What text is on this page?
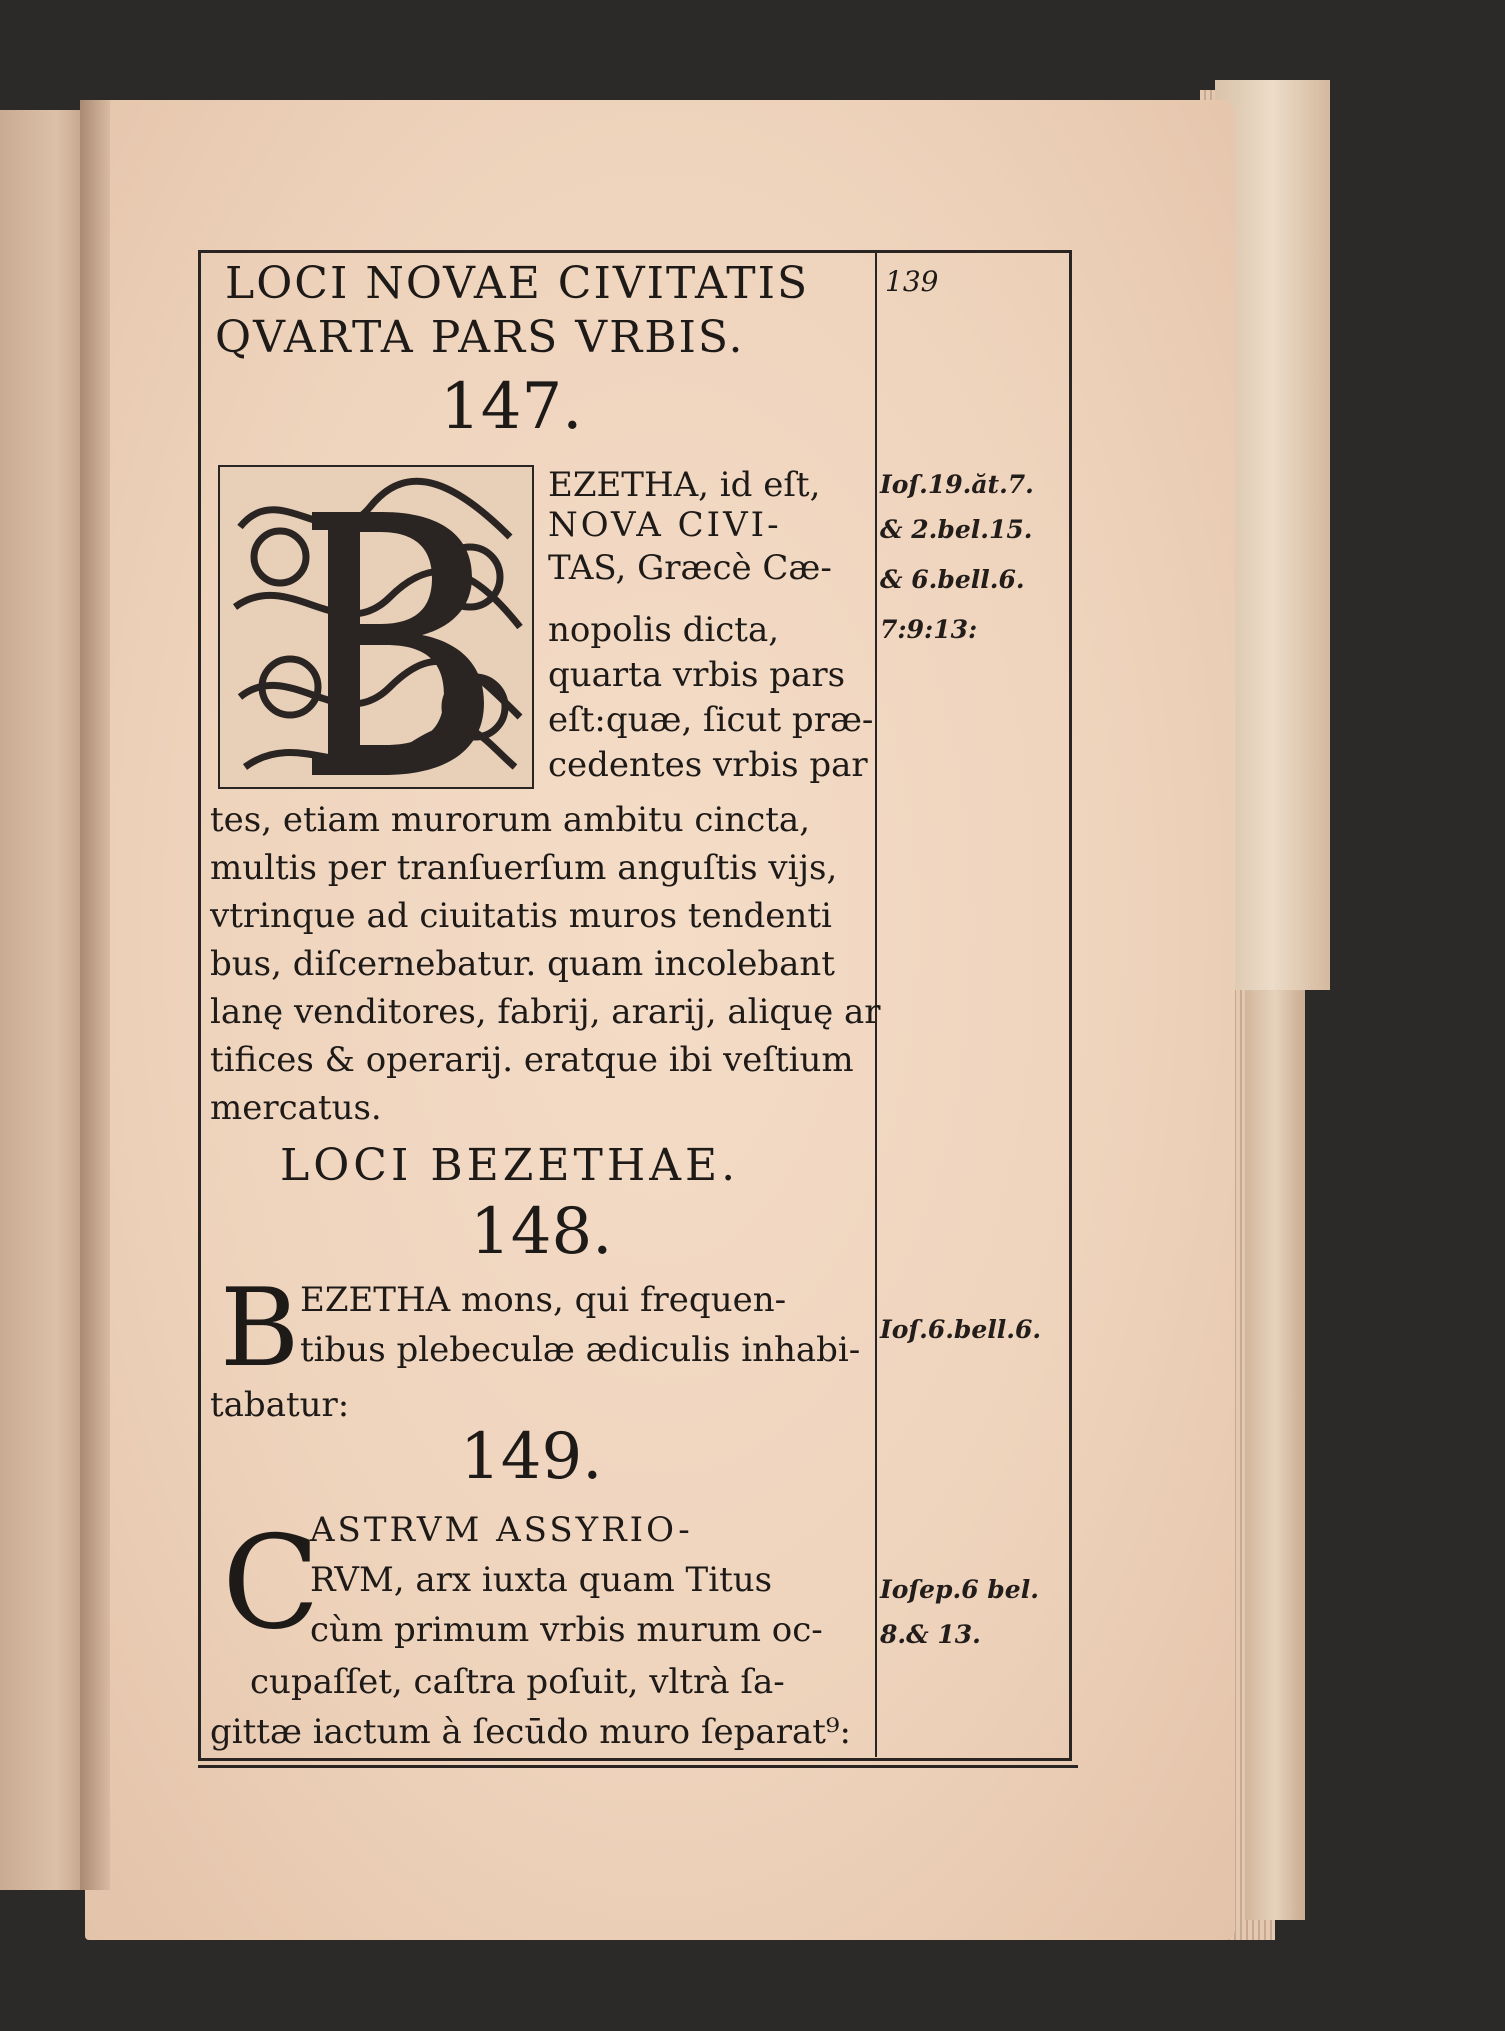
LOCI NOVAE CIVITATIS
QVARTA PARS VRBIS.
139
147.
EZETHA, id eſt,
NOVA CIVI-
TAS, Græcè Cæ-
nopolis dicta,
quarta vrbis pars
eſt:quæ, ſicut præ-
cedentes vrbis par
tes, etiam murorum ambitu cincta,
multis per tranſuerſum anguſtis vijs,
vtrinque ad ciuitatis muros tendenti
bus, diſcernebatur. quam incolebant
lanę venditores, fabrij, ararij, aliquę ar
tifices & operarij. eratque ibi veſtium
mercatus.
Ioſ.19.ăt.7.
& 2.bel.15.
& 6.bell.6.
7:9:13:
LOCI BEZETHAE.
148.
B EZETHA mons, qui frequen-
tibus plebeculæ ædiculis inhabi-
tabatur:
Ioſ.6.bell.6.
149.
C
ASTRVM ASSYRIO-
RVM, arx iuxta quam Titus
cùm primum vrbis murum oc-
cupaſſet, caſtra poſuit, vltrà ſa-
gittæ iactum à ſecūdo muro ſeparat⁹:
Ioſep.6 bel.
8.& 13.
